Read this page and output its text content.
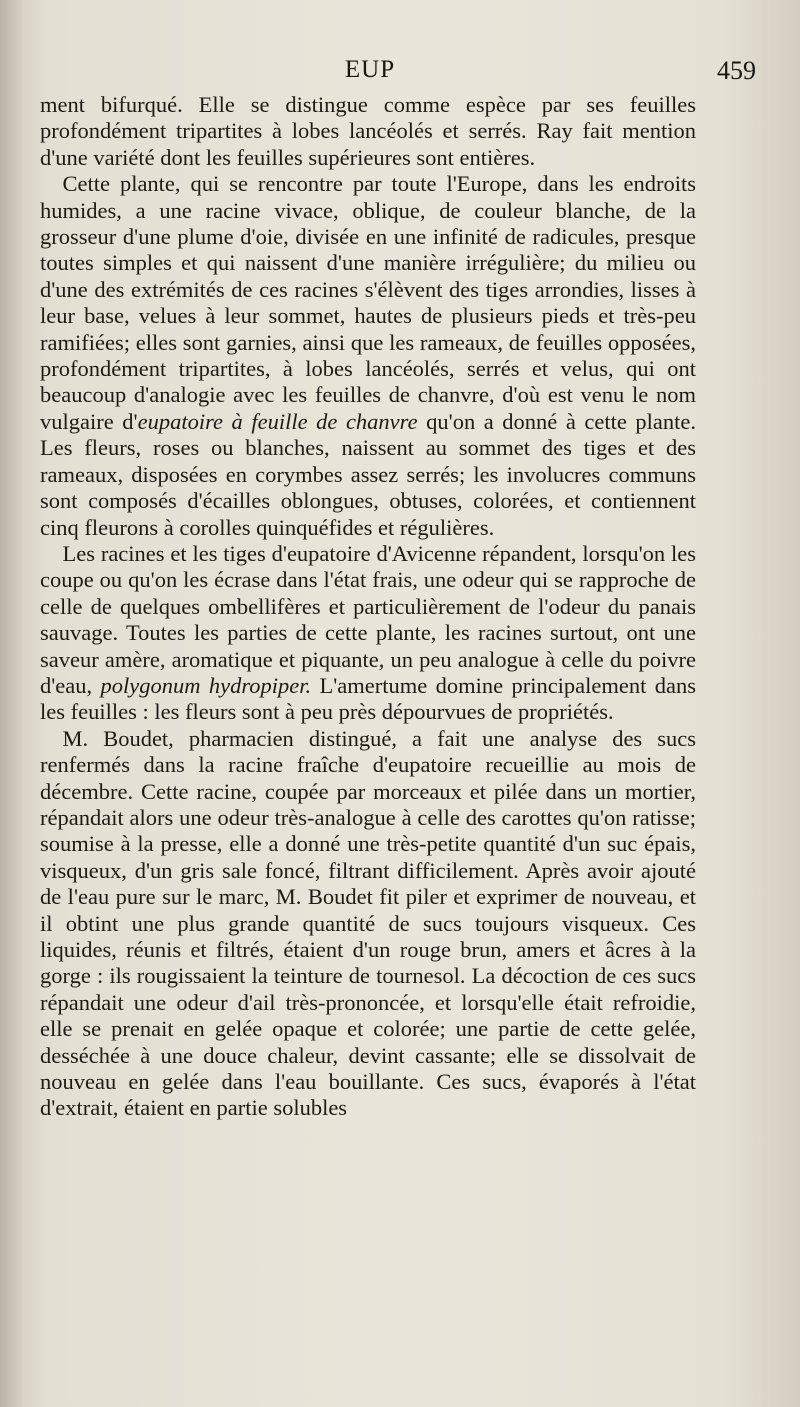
EUP	459

ment bifurqué. Elle se distingue comme espèce par ses feuilles profondément tripartites à lobes lancéolés et serrés. Ray fait mention d'une variété dont les feuilles supérieures sont entières.

Cette plante, qui se rencontre par toute l'Europe, dans les endroits humides, a une racine vivace, oblique, de couleur blanche, de la grosseur d'une plume d'oie, divisée en une infinité de radicules, presque toutes simples et qui naissent d'une manière irrégulière; du milieu ou d'une des extrémités de ces racines s'élèvent des tiges arrondies, lisses à leur base, velues à leur sommet, hautes de plusieurs pieds et très-peu ramifiées; elles sont garnies, ainsi que les rameaux, de feuilles opposées, profondément tripartites, à lobes lancéolés, serrés et velus, qui ont beaucoup d'analogie avec les feuilles de chanvre, d'où est venu le nom vulgaire d'eupatoire à feuille de chanvre qu'on a donné à cette plante. Les fleurs, roses ou blanches, naissent au sommet des tiges et des rameaux, disposées en corymbes assez serrés; les involucres communs sont composés d'écailles oblongues, obtuses, colorées, et contiennent cinq fleurons à corolles quinquéfides et régulières.

Les racines et les tiges d'eupatoire d'Avicenne répandent, lorsqu'on les coupe ou qu'on les écrase dans l'état frais, une odeur qui se rapproche de celle de quelques ombellifères et particulièrement de l'odeur du panais sauvage. Toutes les parties de cette plante, les racines surtout, ont une saveur amère, aromatique et piquante, un peu analogue à celle du poivre d'eau, polygonum hydropiper. L'amertume domine principalement dans les feuilles : les fleurs sont à peu près dépourvues de propriétés.

M. Boudet, pharmacien distingué, a fait une analyse des sucs renfermés dans la racine fraîche d'eupatoire recueillie au mois de décembre. Cette racine, coupée par morceaux et pilée dans un mortier, répandait alors une odeur très-analogue à celle des carottes qu'on ratisse; soumise à la presse, elle a donné une très-petite quantité d'un suc épais, visqueux, d'un gris sale foncé, filtrant difficilement. Après avoir ajouté de l'eau pure sur le marc, M. Boudet fit piler et exprimer de nouveau, et il obtint une plus grande quantité de sucs toujours visqueux. Ces liquides, réunis et filtrés, étaient d'un rouge brun, amers et âcres à la gorge : ils rougissaient la teinture de tournesol. La décoction de ces sucs répandait une odeur d'ail très-prononcée, et lorsqu'elle était refroidie, elle se prenait en gelée opaque et colorée; une partie de cette gelée, desséchée à une douce chaleur, devint cassante; elle se dissolvait de nouveau en gelée dans l'eau bouillante. Ces sucs, évaporés à l'état d'extrait, étaient en partie solubles
